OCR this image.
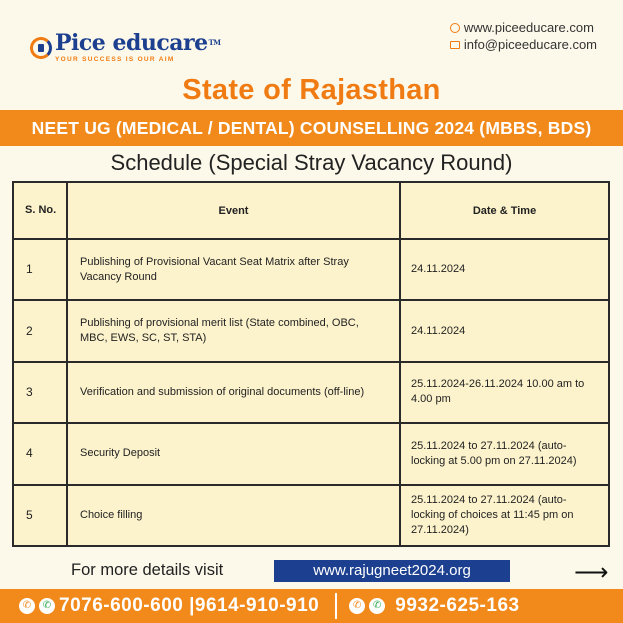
Pice educare™
YOUR SUCCESS IS OUR AIM
www.piceeducare.com
info@piceeducare.com
State of Rajasthan
NEET UG (MEDICAL / DENTAL) COUNSELLING 2024 (MBBS, BDS)
Schedule (Special Stray Vacancy Round)
S. No.	Event	Date & Time
1	Publishing of Provisional Vacant Seat Matrix after Stray Vacancy Round	24.11.2024
2	Publishing of provisional merit list (State combined, OBC, MBC, EWS, SC, ST, STA)	24.11.2024
3	Verification and submission of original documents (off-line)	25.11.2024-26.11.2024 10.00 am to 4.00 pm
4	Security Deposit	25.11.2024 to 27.11.2024 (auto-locking at 5.00 pm on 27.11.2024)
5	Choice filling	25.11.2024 to 27.11.2024 (auto-locking of choices at 11:45 pm on 27.11.2024)
For more details visit	www.rajugneet2024.org	⟶
✆	✆ 7076-600-600 |9614-910-910	✆	✆ 9932-625-163
